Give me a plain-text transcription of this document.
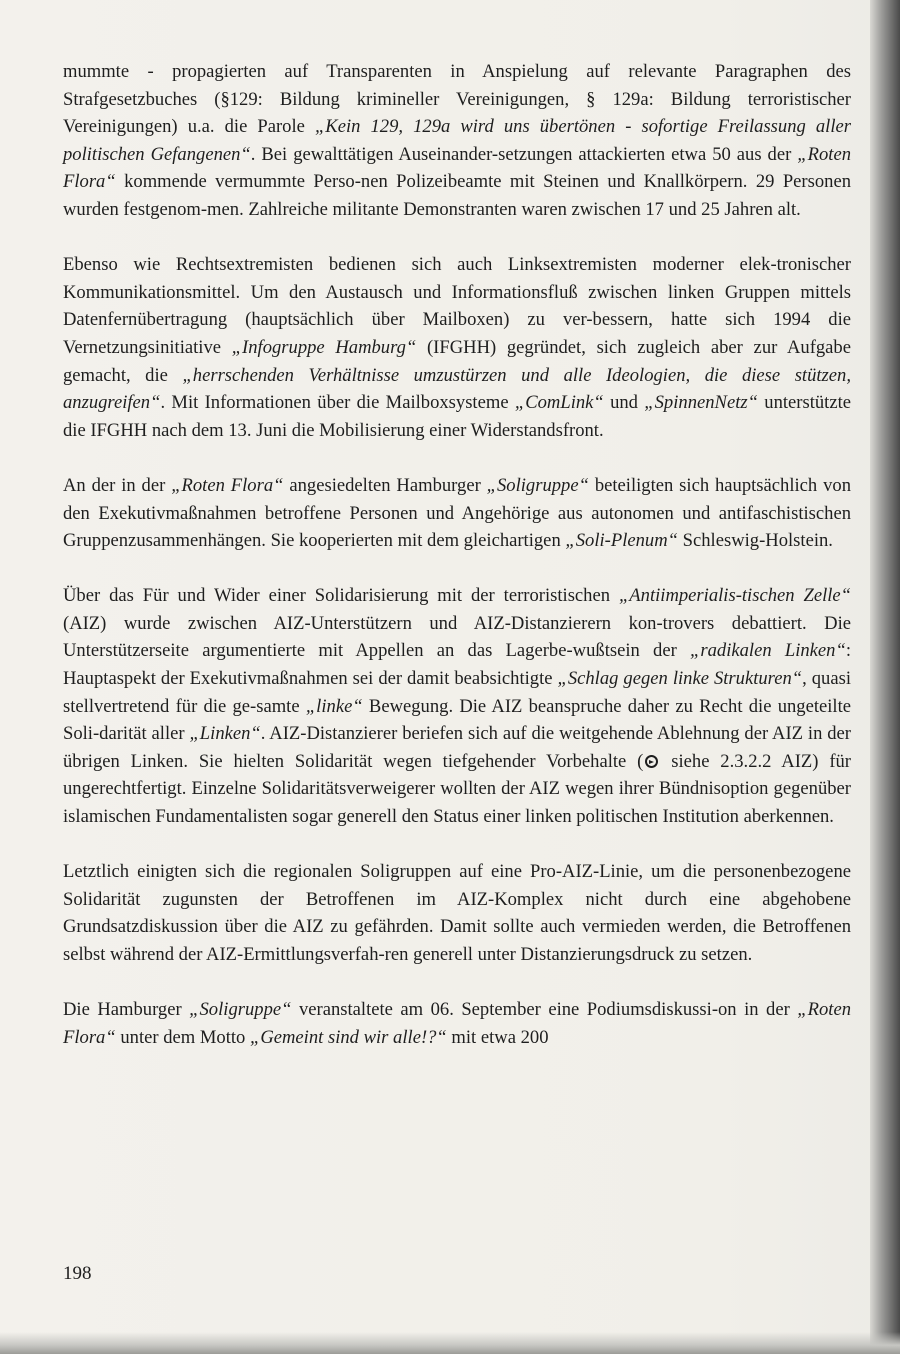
mummte - propagierten auf Transparenten in Anspielung auf relevante Paragraphen des Strafgesetzbuches (§129: Bildung krimineller Vereinigungen, § 129a: Bildung terroristischer Vereinigungen) u.a. die Parole „Kein 129, 129a wird uns übertönen - sofortige Freilassung aller politischen Gefangenen“. Bei gewalttätigen Auseinander-setzungen attackierten etwa 50 aus der „Roten Flora“ kommende vermummte Perso-nen Polizeibeamte mit Steinen und Knallkörpern. 29 Personen wurden festgenom-men. Zahlreiche militante Demonstranten waren zwischen 17 und 25 Jahren alt.

Ebenso wie Rechtsextremisten bedienen sich auch Linksextremisten moderner elek-tronischer Kommunikationsmittel. Um den Austausch und Informationsfluß zwischen linken Gruppen mittels Datenfernübertragung (hauptsächlich über Mailboxen) zu ver-bessern, hatte sich 1994 die Vernetzungsinitiative „Infogruppe Hamburg“ (IFGHH) gegründet, sich zugleich aber zur Aufgabe gemacht, die „herrschenden Verhältnisse umzustürzen und alle Ideologien, die diese stützen, anzugreifen“. Mit Informationen über die Mailboxsysteme „ComLink“ und „SpinnenNetz“ unterstützte die IFGHH nach dem 13. Juni die Mobilisierung einer Widerstandsfront.

An der in der „Roten Flora“ angesiedelten Hamburger „Soligruppe“ beteiligten sich hauptsächlich von den Exekutivmaßnahmen betroffene Personen und Angehörige aus autonomen und antifaschistischen Gruppenzusammenhängen. Sie kooperierten mit dem gleichartigen „Soli-Plenum“ Schleswig-Holstein.

Über das Für und Wider einer Solidarisierung mit der terroristischen „Antiimperialis-tischen Zelle“ (AIZ) wurde zwischen AIZ-Unterstützern und AIZ-Distanzierern kon-trovers debattiert. Die Unterstützerseite argumentierte mit Appellen an das Lagerbe-wußtsein der „radikalen Linken“: Hauptaspekt der Exekutivmaßnahmen sei der damit beabsichtigte „Schlag gegen linke Strukturen“, quasi stellvertretend für die ge-samte „linke“ Bewegung. Die AIZ beanspruche daher zu Recht die ungeteilte Soli-darität aller „Linken“. AIZ-Distanzierer beriefen sich auf die weitgehende Ablehnung der AIZ in der übrigen Linken. Sie hielten Solidarität wegen tiefgehender Vorbehalte ( siehe 2.3.2.2 AIZ) für ungerechtfertigt. Einzelne Solidaritätsverweigerer wollten der AIZ wegen ihrer Bündnisoption gegenüber islamischen Fundamentalisten sogar generell den Status einer linken politischen Institution aberkennen.

Letztlich einigten sich die regionalen Soligruppen auf eine Pro-AIZ-Linie, um die personenbezogene Solidarität zugunsten der Betroffenen im AIZ-Komplex nicht durch eine abgehobene Grundsatzdiskussion über die AIZ zu gefährden. Damit sollte auch vermieden werden, die Betroffenen selbst während der AIZ-Ermittlungsverfah-ren generell unter Distanzierungsdruck zu setzen.

Die Hamburger „Soligruppe“ veranstaltete am 06. September eine Podiumsdiskussi-on in der „Roten Flora“ unter dem Motto „Gemeint sind wir alle!?“ mit etwa 200

198
